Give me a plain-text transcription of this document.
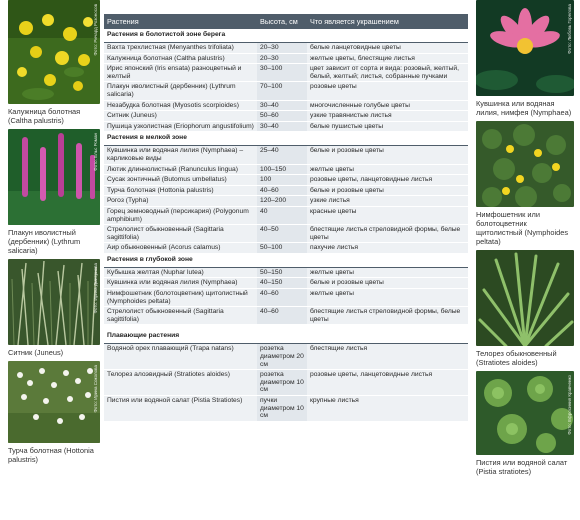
Фото: Ричард Розоносов
Калужница болотная (Caltha palustris)
Фото: Ельс Роман
Плакун иволистный (дербенник) (Lythrum salicaria)
Фото: Ирина Дмитриева
Ситник (Juneus)
Фото: Ирина Соколова
Турча болотная (Hottonia palustris)
Растения	Высота, см	Что является украшением
Растения в болотистой зоне берега		
Вахта трехлистная (Menyanthes trifoliata)	20–30	белые ланцетовидные цветы
Калужница болотная (Caltha palustris)	20–30	желтые цветы, блестящие листья
Ирис японский (Iris ensata) разноцветный и желтый	30–100	цвет зависит от сорта и вида: розовый, желтый, белый, желтый; листья, собранные пучками
Плакун иволистный (дербенник) (Lythrum salicaria)	70–100	розовые цветы
Незабудка болотная (Myosotis scorpioides)	30–40	многочисленные голубые цветы
Ситник (Juneus)	50–60	узкие травянистые листья
Пушица узколистная (Eriophorum angustifolium)	30–40	белые пушистые цветы
Растения в мелкой зоне		
Кувшинка или водяная лилия (Nymphaea) – карликовые виды	25–40	белые и розовые цветы
Лютик длиннолистный (Ranunculus lingua)	100–150	желтые цветы
Сусак зонтичный (Butomus umbellatus)	100	розовые цветы, ланцетовидные листья
Турча болотная (Hottonia palustris)	40–60	белые и розовые цветы
Рогоз (Typha)	120–200	узкие листья
Горец земноводный (персикария) (Polygonum amphibium)	40	красные цветы
Стрелолист обыкновенный (Sagittaria sagittifolia)	40–50	блестящие листья стреловидной формы, белые цветы
Аир обыкновенный (Acorus calamus)	50–100	пахучие листья
Растения в глубокой зоне		
Кубышка желтая (Nuphar lutea)	50–150	желтые цветы
Кувшинка или водяная лилия (Nymphaea)	40–150	белые и розовые цветы
Нимфошетник (болотоцветник) щитолистный (Nymphoides peltata)	40–60	желтые цветы
Стрелолист обыкновенный (Sagittaria sagittifolia)	40–60	блестящие листья стреловидной формы, белые цветы

Плавающие растения		
Водяной орех плавающий (Trapa natans)	розетка диаметром 20 см	блестящие листья
Телорез алоэвидный (Stratiotes aloides)	розетка диаметром 10 см	розовые цветы, ланцетовидные листья
Пистия или водяной салат (Pistia Stratiotes)	пучки диаметром 10 см	крупные листья
Фото: Любовь Горелова
Кувшинка или водяная лилия, нимфея (Nymphaea)
Нимфошетник или болотоцветник щитолистный (Nymphoides peltata)
Телорез обыкновенный (Stratiotes aloides)
Фото: Ефросиния Кравченко
Пистия или водяной салат (Pistia stratiotes)
